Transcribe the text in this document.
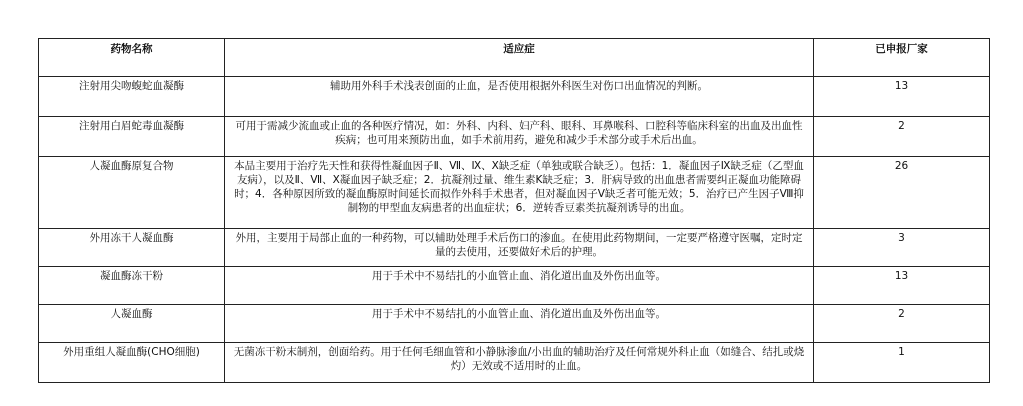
药物名称	适应症	已申报厂家
注射用尖吻蝮蛇血凝酶	辅助用外科手术浅表创面的止血，是否使用根据外科医生对伤口出血情况的判断。	13
注射用白眉蛇毒血凝酶	可用于需减少流血或止血的各种医疗情况，如：外科、内科、妇产科、眼科、耳鼻喉科、口腔科等临床科室的出血及出血性疾病；也可用来预防出血，如手术前用药，避免和减少手术部分或手术后出血。	2
人凝血酶原复合物	本品主要用于治疗先天性和获得性凝血因子Ⅱ、Ⅶ、Ⅸ、Ⅹ缺乏症（单独或联合缺乏）。包括：1．凝血因子Ⅸ缺乏症（乙型血友病），以及Ⅱ、Ⅶ、Ⅹ凝血因子缺乏症；2．抗凝剂过量、维生素K缺乏症；3．肝病导致的出血患者需要纠正凝血功能障碍时；4．各种原因所致的凝血酶原时间延长而拟作外科手术患者，但对凝血因子Ⅴ缺乏者可能无效；5．治疗已产生因子Ⅷ抑制物的甲型血友病患者的出血症状；6．逆转香豆素类抗凝剂诱导的出血。	26
外用冻干人凝血酶	外用，主要用于局部止血的一种药物，可以辅助处理手术后伤口的渗血。在使用此药物期间，一定要严格遵守医嘱，定时定量的去使用，还要做好术后的护理。	3
凝血酶冻干粉	用于手术中不易结扎的小血管止血、消化道出血及外伤出血等。	13
人凝血酶	用于手术中不易结扎的小血管止血、消化道出血及外伤出血等。	2
外用重组人凝血酶(CHO细胞)	无菌冻干粉末制剂，创面给药。用于任何毛细血管和小静脉渗血/小出血的辅助治疗及任何常规外科止血（如缝合、结扎或烧灼）无效或不适用时的止血。	1
